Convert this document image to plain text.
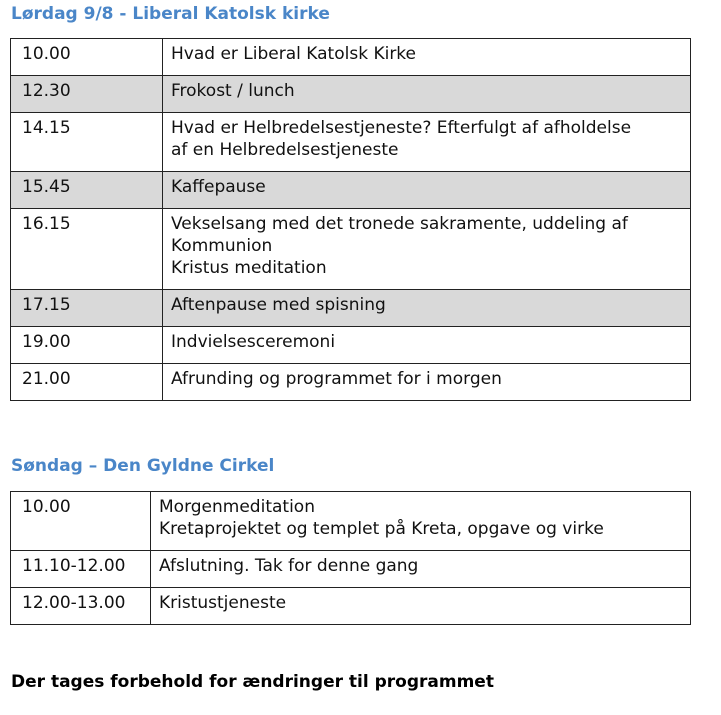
Lørdag 9/8 - Liberal Katolsk kirke
10.00	Hvad er Liberal Katolsk Kirke

12.30	Frokost / lunch

14.15	Hvad er Helbredelsestjeneste? Efterfulgt af afholdelse
af en Helbredelsestjeneste

15.45	Kaffepause

16.15	Vekselsang med det tronede sakramente, uddeling af
Kommunion
Kristus meditation

17.15	Aftenpause med spisning

19.00	Indvielsesceremoni

21.00	Afrunding og programmet for i morgen
Søndag – Den Gyldne Cirkel
10.00	Morgenmeditation
Kretaprojektet og templet på Kreta, opgave og virke

11.10-12.00	Afslutning. Tak for denne gang

12.00-13.00	Kristustjeneste
Der tages forbehold for ændringer til programmet
